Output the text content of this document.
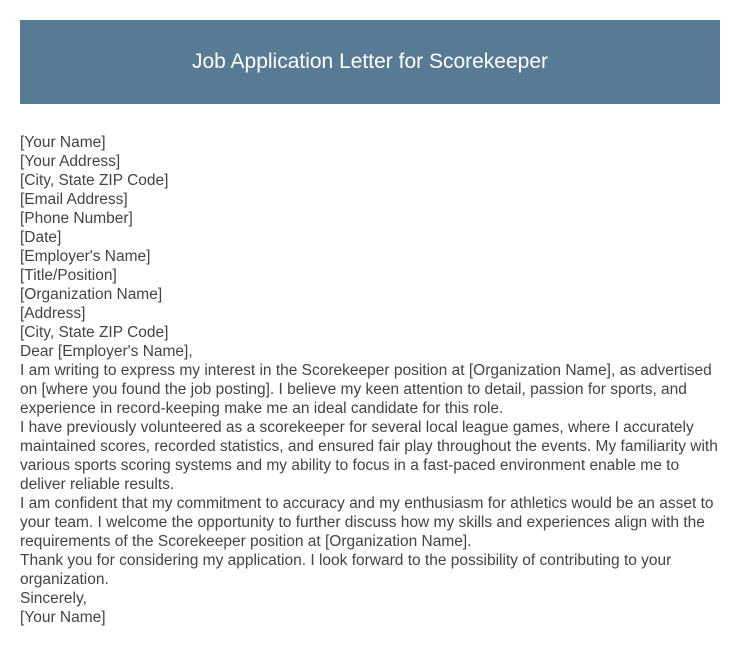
Job Application Letter for Scorekeeper

[Your Name]

[Your Address]

[City, State ZIP Code]

[Email Address]

[Phone Number]

[Date]

[Employer's Name]

[Title/Position]

[Organization Name]

[Address]

[City, State ZIP Code]

Dear [Employer's Name],

I am writing to express my interest in the Scorekeeper position at [Organization Name], as advertised on [where you found the job posting]. I believe my keen attention to detail, passion for sports, and experience in record-keeping make me an ideal candidate for this role.

I have previously volunteered as a scorekeeper for several local league games, where I accurately maintained scores, recorded statistics, and ensured fair play throughout the events. My familiarity with various sports scoring systems and my ability to focus in a fast-paced environment enable me to deliver reliable results.

I am confident that my commitment to accuracy and my enthusiasm for athletics would be an asset to your team. I welcome the opportunity to further discuss how my skills and experiences align with the requirements of the Scorekeeper position at [Organization Name].

Thank you for considering my application. I look forward to the possibility of contributing to your organization.

Sincerely,

[Your Name]
